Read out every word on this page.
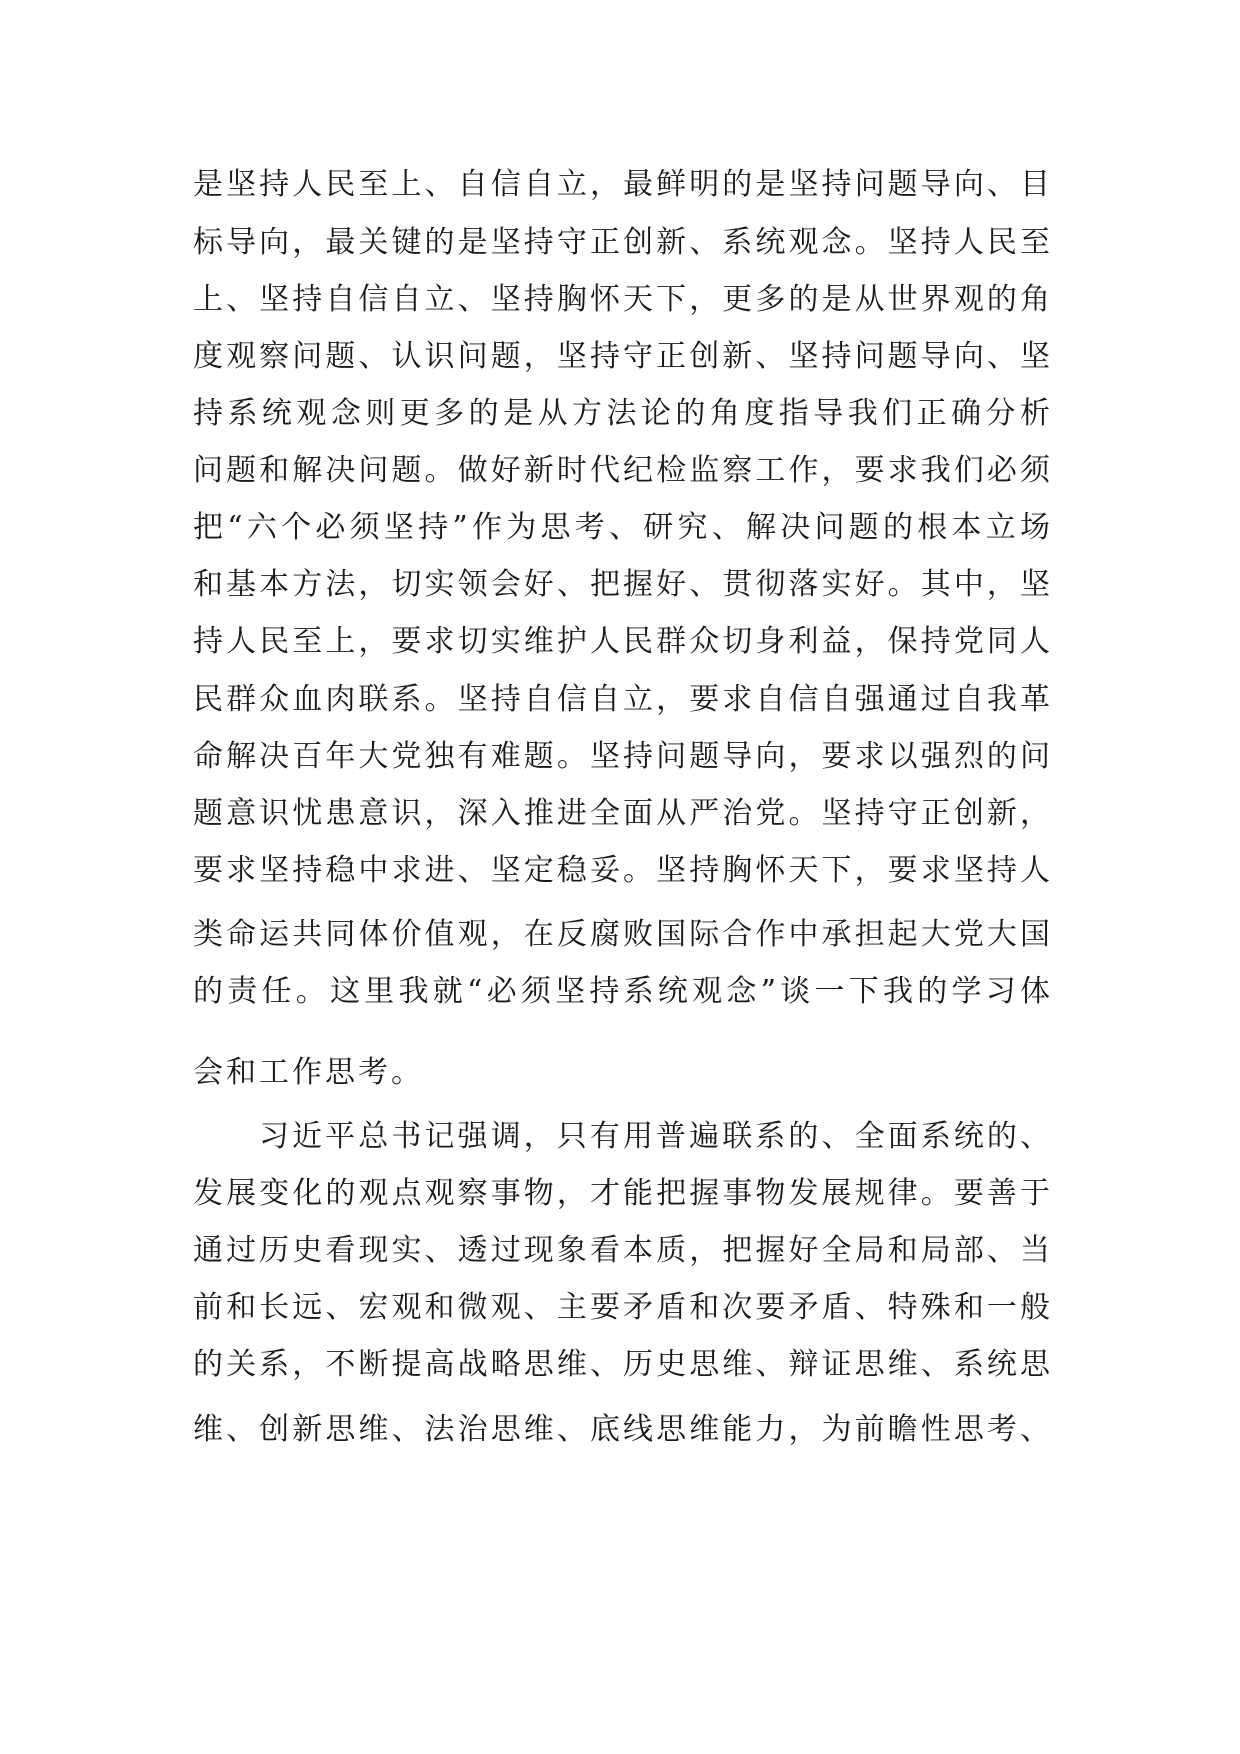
是坚持人民至上、自信自立，最鲜明的是坚持问题导向、目
标导向，最关键的是坚持守正创新、系统观念。坚持人民至
上、坚持自信自立、坚持胸怀天下，更多的是从世界观的角
度观察问题、认识问题，坚持守正创新、坚持问题导向、坚
持系统观念则更多的是从方法论的角度指导我们正确分析
问题和解决问题。做好新时代纪检监察工作，要求我们必须
把“六个必须坚持”作为思考、研究、解决问题的根本立场
和基本方法，切实领会好、把握好、贯彻落实好。其中，坚
持人民至上，要求切实维护人民群众切身利益，保持党同人
民群众血肉联系。坚持自信自立，要求自信自强通过自我革
命解决百年大党独有难题。坚持问题导向，要求以强烈的问
题意识忧患意识，深入推进全面从严治党。坚持守正创新，
要求坚持稳中求进、坚定稳妥。坚持胸怀天下，要求坚持人
类命运共同体价值观，在反腐败国际合作中承担起大党大国
的责任。这里我就“必须坚持系统观念”谈一下我的学习体
会和工作思考。
习近平总书记强调，只有用普遍联系的、全面系统的、
发展变化的观点观察事物，才能把握事物发展规律。要善于
通过历史看现实、透过现象看本质，把握好全局和局部、当
前和长远、宏观和微观、主要矛盾和次要矛盾、特殊和一般
的关系，不断提高战略思维、历史思维、辩证思维、系统思
维、创新思维、法治思维、底线思维能力，为前瞻性思考、
